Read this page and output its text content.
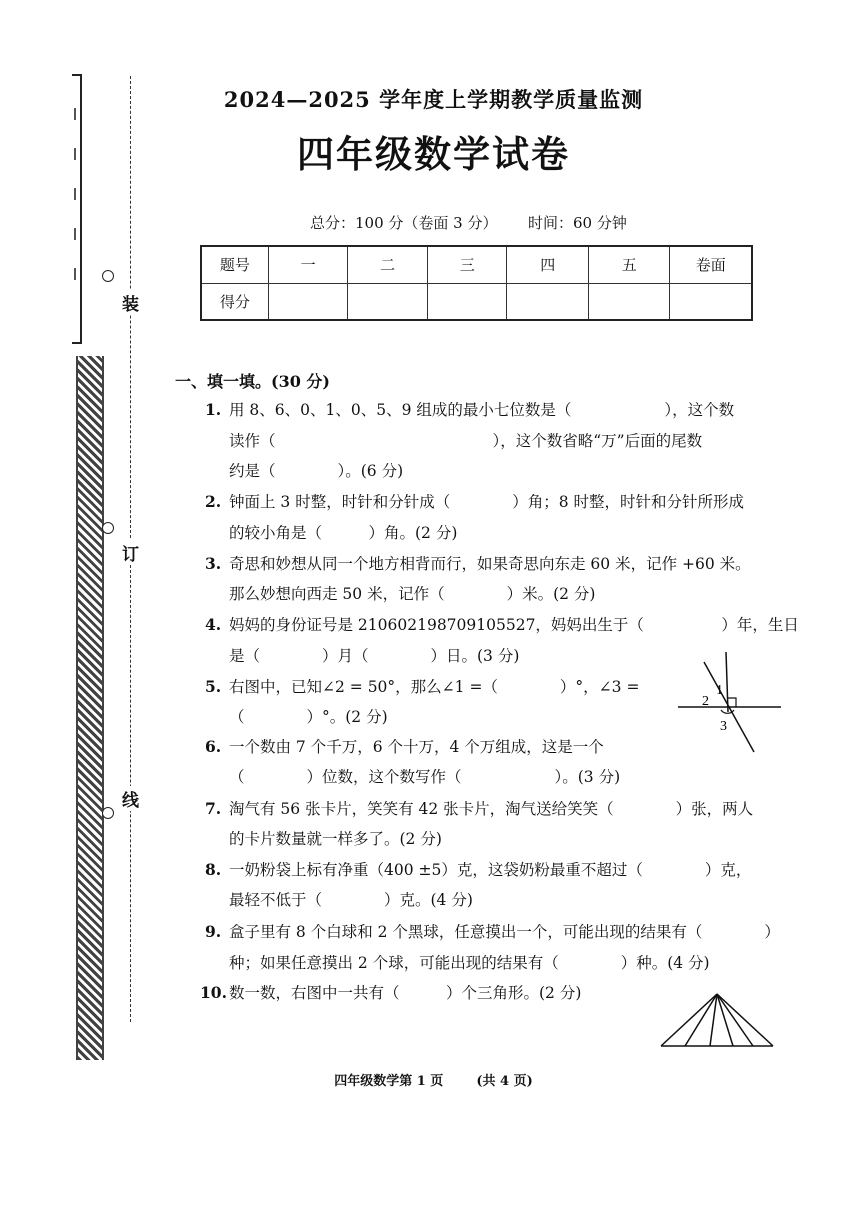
装
订
线
2024—2025 学年度上学期教学质量监测
四年级数学试卷
总分：100 分（卷面 3 分） 时间：60 分钟
题号	一	二	三	四	五	卷面
得分						
一、填一填。(30 分)
1. 用 8、6、0、1、0、5、9 组成的最小七位数是（　　　　　　），这个数
读作（　　　　　　　　　　　　　　），这个数省略“万”后面的尾数
约是（　　　　）。(6 分)
2. 钟面上 3 时整，时针和分针成（　　　　）角；8 时整，时针和分针所形成
的较小角是（　　　）角。(2 分)
3. 奇思和妙想从同一个地方相背而行，如果奇思向东走 60 米，记作 +60 米。
那么妙想向西走 50 米，记作（　　　　）米。(2 分)
4. 妈妈的身份证号是 210602198709105527，妈妈出生于（　　　　　）年，生日
是（　　　　）月（　　　　）日。(3 分)
5. 右图中，已知∠2 = 50°，那么∠1 =（　　　　）°，∠3 =
（　　　　）°。(2 分)
1
2
3
6. 一个数由 7 个千万，6 个十万，4 个万组成，这是一个
（　　　　）位数，这个数写作（　　　　　　）。(3 分)
7. 淘气有 56 张卡片，笑笑有 42 张卡片，淘气送给笑笑（　　　　）张，两人
的卡片数量就一样多了。(2 分)
8. 一奶粉袋上标有净重（400 ±5）克，这袋奶粉最重不超过（　　　　）克，
最轻不低于（　　　　）克。(4 分)
9. 盒子里有 8 个白球和 2 个黑球，任意摸出一个，可能出现的结果有（　　　　）
种；如果任意摸出 2 个球，可能出现的结果有（　　　　）种。(4 分)
10. 数一数，右图中一共有（　　　）个三角形。(2 分)
四年级数学第 1 页	(共 4 页)
